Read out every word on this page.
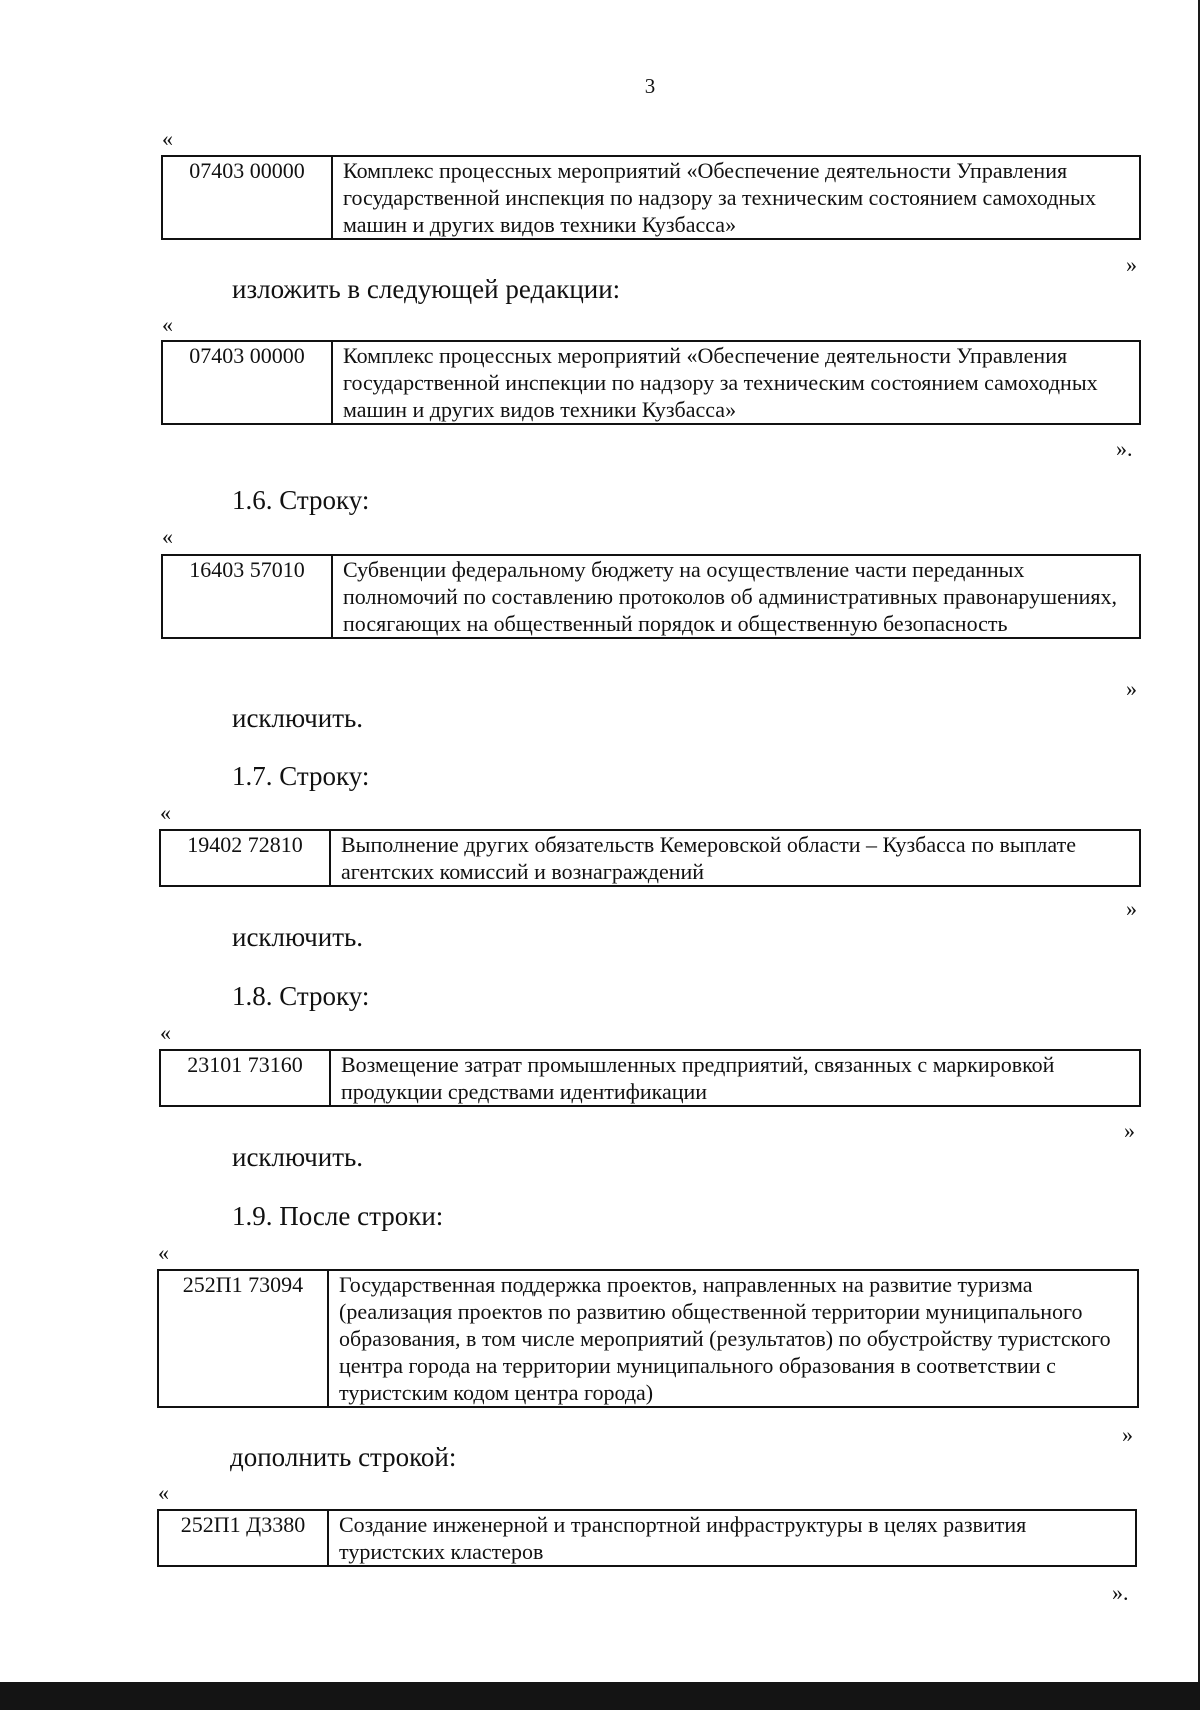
3
«
07403 00000	Комплекс процессных мероприятий «Обеспечение деятельности Управления государственной инспекция по надзору за техническим состоянием самоходных машин и других видов техники Кузбасса»
»
изложить в следующей редакции:
«
07403 00000	Комплекс процессных мероприятий «Обеспечение деятельности Управления государственной инспекции по надзору за техническим состоянием самоходных машин и других видов техники Кузбасса»
».
1.6. Строку:
«
16403 57010	Субвенции федеральному бюджету на осуществление части переданных полномочий по составлению протоколов об административных правонарушениях, посягающих на общественный порядок и общественную безопасность
»
исключить.
1.7. Строку:
«
19402 72810	Выполнение других обязательств Кемеровской области – Кузбасса по выплате агентских комиссий и вознаграждений
»
исключить.
1.8. Строку:
«
23101 73160	Возмещение затрат промышленных предприятий, связанных с маркировкой продукции средствами идентификации
»
исключить.
1.9. После строки:
«
252П1 73094	Государственная поддержка проектов, направленных на развитие туризма (реализация проектов по развитию общественной территории муниципального образования, в том числе мероприятий (результатов) по обустройству туристского центра города на территории муниципального образования в соответствии с туристским кодом центра города)
»
дополнить строкой:
«
252П1 Д3380	Создание инженерной и транспортной инфраструктуры в целях развития туристских кластеров
».
